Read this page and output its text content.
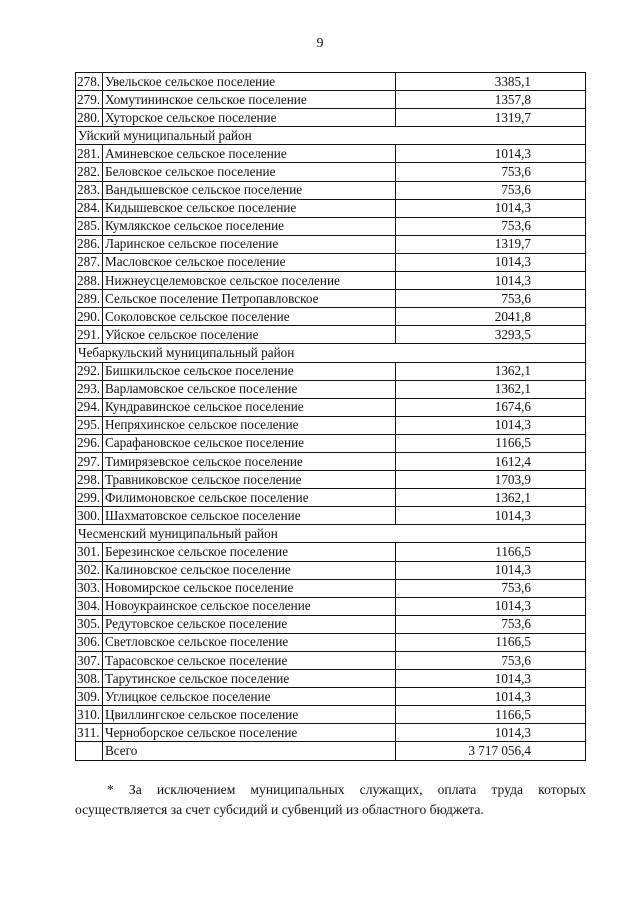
9
278.	Увельское сельское поселение	3385,1
279.	Хомутининское сельское поселение	1357,8
280.	Хуторское сельское поселение	1319,7
Уйский муниципальный район		
281.	Аминевское сельское поселение	1014,3
282.	Беловское сельское поселение	753,6
283.	Вандышевское сельское поселение	753,6
284.	Кидышевское сельское поселение	1014,3
285.	Кумлякское сельское поселение	753,6
286.	Ларинское сельское поселение	1319,7
287.	Масловское сельское поселение	1014,3
288.	Нижнеусцелемовское сельское поселение	1014,3
289.	Сельское поселение Петропавловское	753,6
290.	Соколовское сельское поселение	2041,8
291.	Уйское сельское поселение	3293,5
Чебаркульский муниципальный район		
292.	Бишкильское сельское поселение	1362,1
293.	Варламовское сельское поселение	1362,1
294.	Кундравинское сельское поселение	1674,6
295.	Непряхинское сельское поселение	1014,3
296.	Сарафановское сельское поселение	1166,5
297.	Тимирязевское сельское поселение	1612,4
298.	Травниковское сельское поселение	1703,9
299.	Филимоновское сельское поселение	1362,1
300.	Шахматовское сельское поселение	1014,3
Чесменский муниципальный район		
301.	Березинское сельское поселение	1166,5
302.	Калиновское сельское поселение	1014,3
303.	Новомирское сельское поселение	753,6
304.	Новоукраинское сельское поселение	1014,3
305.	Редутовское сельское поселение	753,6
306.	Светловское сельское поселение	1166,5
307.	Тарасовское сельское поселение	753,6
308.	Тарутинское сельское поселение	1014,3
309.	Углицкое сельское поселение	1014,3
310.	Цвиллингское сельское поселение	1166,5
311.	Черноборское сельское поселение	1014,3
	Всего	3 717 056,4
* За исключением муниципальных служащих, оплата труда которых осуществляется за счет субсидий и субвенций из областного бюджета.
